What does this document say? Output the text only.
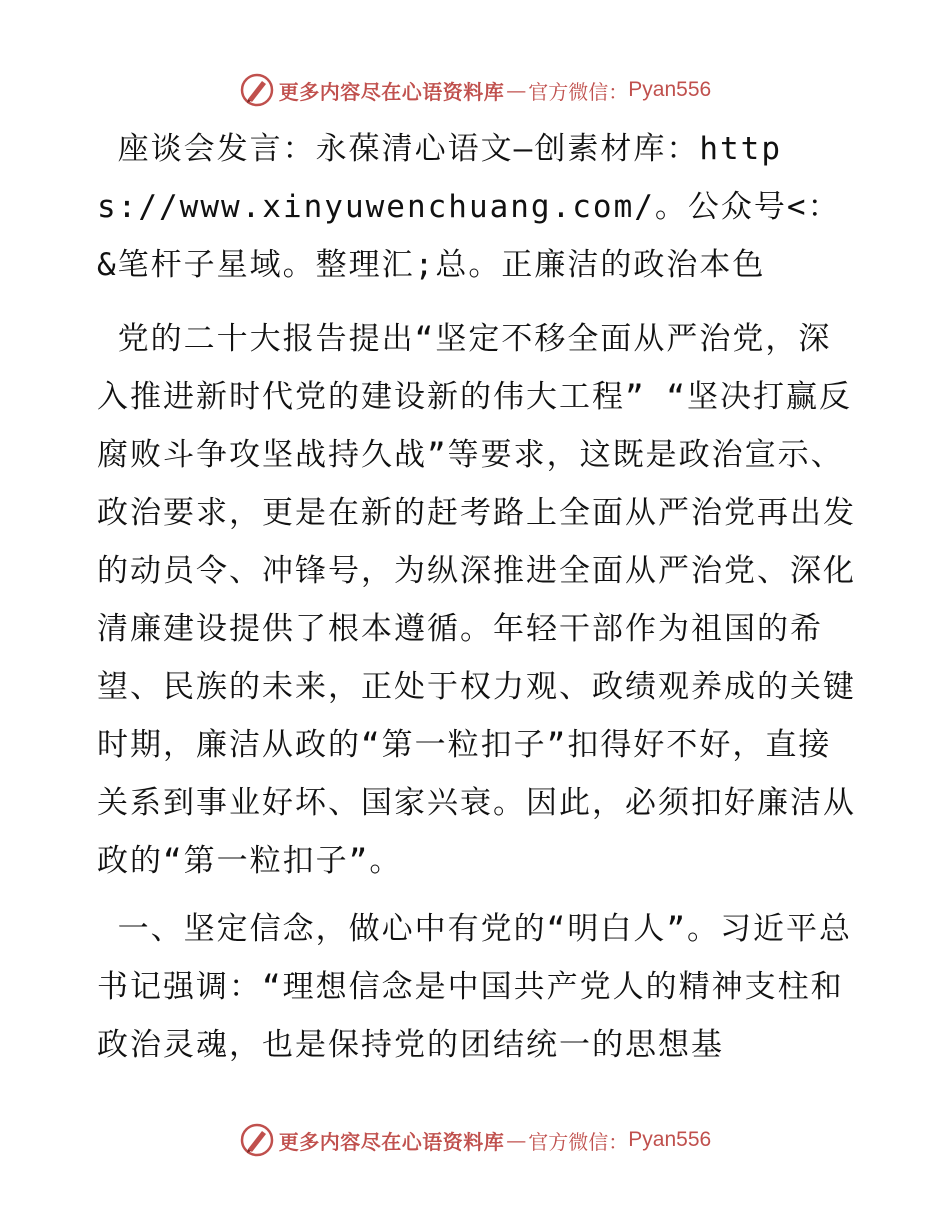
更多内容尽在心语资料库 — 官方微信： Pyan556

座谈会发言：永葆清心语文—创素材库：https://www.xinyuwenchuang.com/。公众号<：&笔杆子星域。整理汇;总。正廉洁的政治本色

党的二十大报告提出“坚定不移全面从严治党，深入推进新时代党的建设新的伟大工程” “坚决打赢反腐败斗争攻坚战持久战”等要求，这既是政治宣示、政治要求，更是在新的赶考路上全面从严治党再出发的动员令、冲锋号，为纵深推进全面从严治党、深化清廉建设提供了根本遵循。年轻干部作为祖国的希望、民族的未来，正处于权力观、政绩观养成的关键时期，廉洁从政的“第一粒扣子”扣得好不好，直接关系到事业好坏、国家兴衰。因此，必须扣好廉洁从政的“第一粒扣子”。

一、坚定信念，做心中有党的“明白人”。习近平总书记强调：“理想信念是中国共产党人的精神支柱和政治灵魂，也是保持党的团结统一的思想基

更多内容尽在心语资料库 — 官方微信： Pyan556
